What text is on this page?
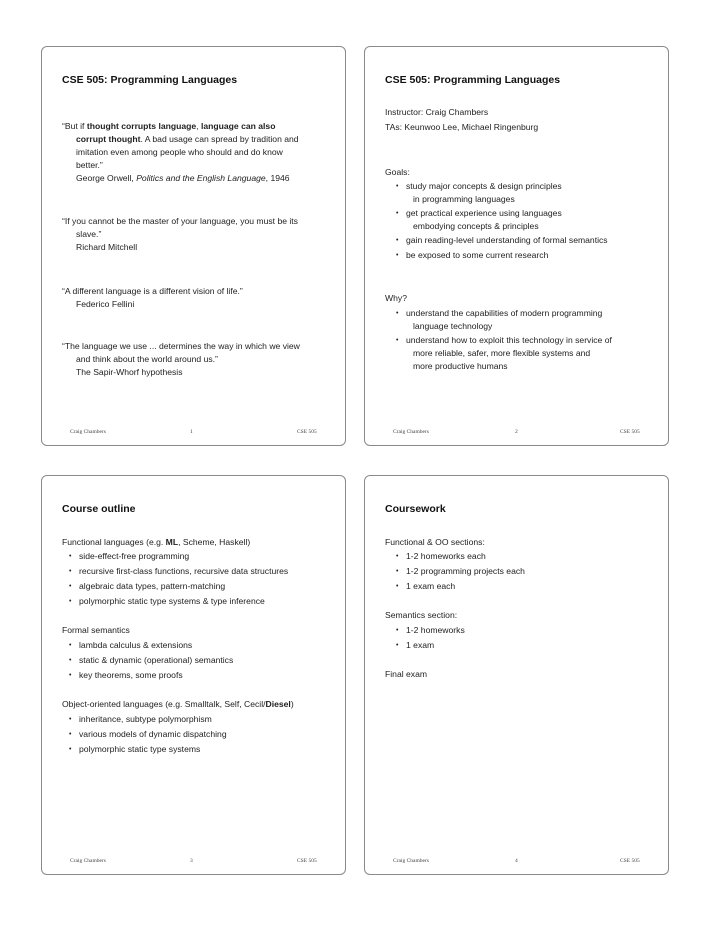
CSE 505: Programming Languages
“But if thought corrupts language, language can also
corrupt thought. A bad usage can spread by tradition and
imitation even among people who should and do know
better.”
George Orwell, Politics and the English Language, 1946
“If you cannot be the master of your language, you must be its
slave.”
Richard Mitchell
“A different language is a different vision of life.”
Federico Fellini
“The language we use ... determines the way in which we view
and think about the world around us.”
The Sapir-Whorf hypothesis
Craig Chambers	1	CSE 505
CSE 505: Programming Languages
Instructor: Craig Chambers
TAs: Keunwoo Lee, Michael Ringenburg
Goals:
• study major concepts & design principles
in programming languages
• get practical experience using languages
embodying concepts & principles
• gain reading-level understanding of formal semantics
• be exposed to some current research
Why?
• understand the capabilities of modern programming
language technology
• understand how to exploit this technology in service of
more reliable, safer, more flexible systems and
more productive humans
Craig Chambers	2	CSE 505
Course outline
Functional languages (e.g. ML, Scheme, Haskell)
• side-effect-free programming
• recursive first-class functions, recursive data structures
• algebraic data types, pattern-matching
• polymorphic static type systems & type inference
Formal semantics
• lambda calculus & extensions
• static & dynamic (operational) semantics
• key theorems, some proofs
Object-oriented languages (e.g. Smalltalk, Self, Cecil/Diesel)
• inheritance, subtype polymorphism
• various models of dynamic dispatching
• polymorphic static type systems
Craig Chambers	3	CSE 505
Coursework
Functional & OO sections:
• 1-2 homeworks each
• 1-2 programming projects each
• 1 exam each
Semantics section:
• 1-2 homeworks
• 1 exam
Final exam
Craig Chambers	4	CSE 505
